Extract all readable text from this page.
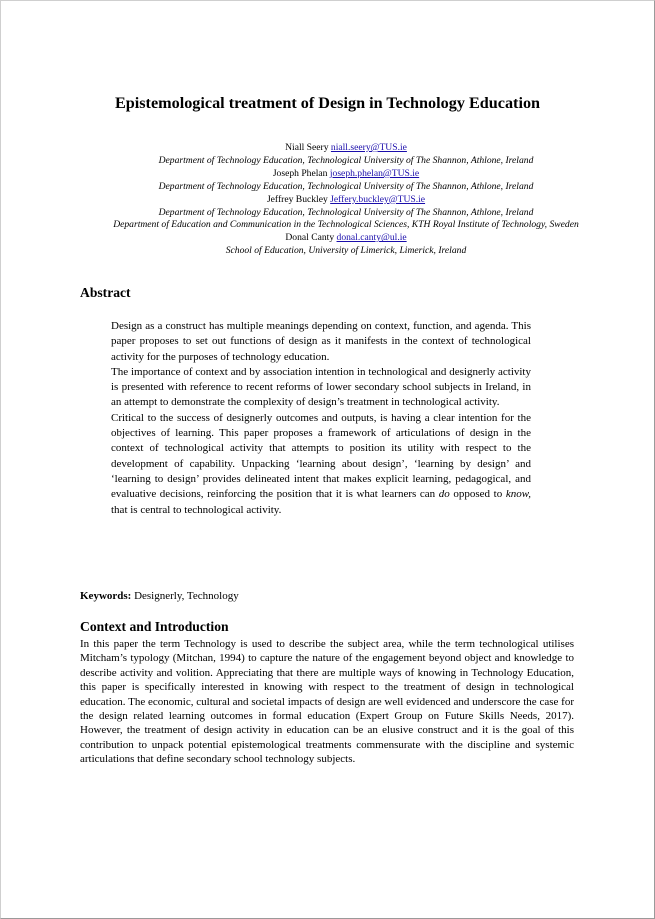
Epistemological treatment of Design in Technology Education
Niall Seery niall.seery@TUS.ie
Department of Technology Education, Technological University of The Shannon, Athlone, Ireland
Joseph Phelan joseph.phelan@TUS.ie
Department of Technology Education, Technological University of The Shannon, Athlone, Ireland
Jeffrey Buckley Jeffery.buckley@TUS.ie
Department of Technology Education, Technological University of The Shannon, Athlone, Ireland
Department of Education and Communication in the Technological Sciences, KTH Royal Institute of Technology, Sweden
Donal Canty donal.canty@ul.ie
School of Education, University of Limerick, Limerick, Ireland
Abstract

Design as a construct has multiple meanings depending on context, function, and agenda. This paper proposes to set out functions of design as it manifests in the context of technological activity for the purposes of technology education.

The importance of context and by association intention in technological and designerly activity is presented with reference to recent reforms of lower secondary school subjects in Ireland, in an attempt to demonstrate the complexity of design’s treatment in technological activity.

Critical to the success of designerly outcomes and outputs, is having a clear intention for the objectives of learning. This paper proposes a framework of articulations of design in the context of technological activity that attempts to position its utility with respect to the development of capability. Unpacking ‘learning about design’, ‘learning by design’ and ‘learning to design’ provides delineated intent that makes explicit learning, pedagogical, and evaluative decisions, reinforcing the position that it is what learners can do opposed to know, that is central to technological activity.

Keywords: Designerly, Technology
Context and Introduction

In this paper the term Technology is used to describe the subject area, while the term technological utilises Mitcham’s typology (Mitchan, 1994) to capture the nature of the engagement beyond object and knowledge to describe activity and volition. Appreciating that there are multiple ways of knowing in Technology Education, this paper is specifically interested in knowing with respect to the treatment of design in technological education. The economic, cultural and societal impacts of design are well evidenced and underscore the case for the design related learning outcomes in formal education (Expert Group on Future Skills Needs, 2017). However, the treatment of design activity in education can be an elusive construct and it is the goal of this contribution to unpack potential epistemological treatments commensurate with the discipline and systemic articulations that define secondary school technology subjects.
